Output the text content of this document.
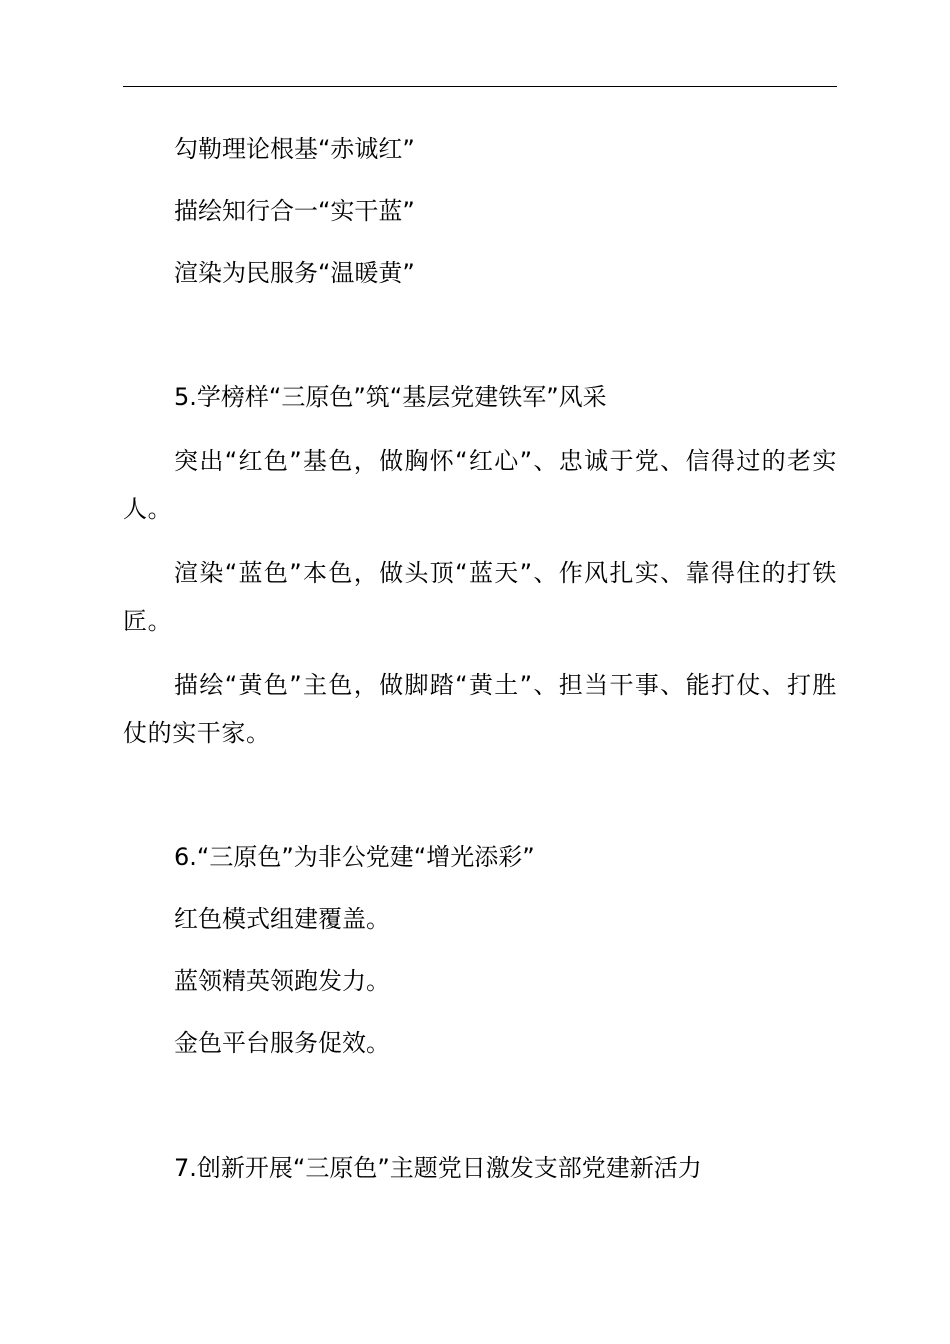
勾勒理论根基“赤诚红”
描绘知行合一“实干蓝”
渲染为民服务“温暖黄”
5.学榜样“三原色”筑“基层党建铁军”风采
突出“红色”基色，做胸怀“红心”、忠诚于党、信得过的老实人。
渲染“蓝色”本色，做头顶“蓝天”、作风扎实、靠得住的打铁匠。
描绘“黄色”主色，做脚踏“黄土”、担当干事、能打仗、打胜仗的实干家。
6.“三原色”为非公党建“增光添彩”
红色模式组建覆盖。
蓝领精英领跑发力。
金色平台服务促效。
7.创新开展“三原色”主题党日激发支部党建新活力
